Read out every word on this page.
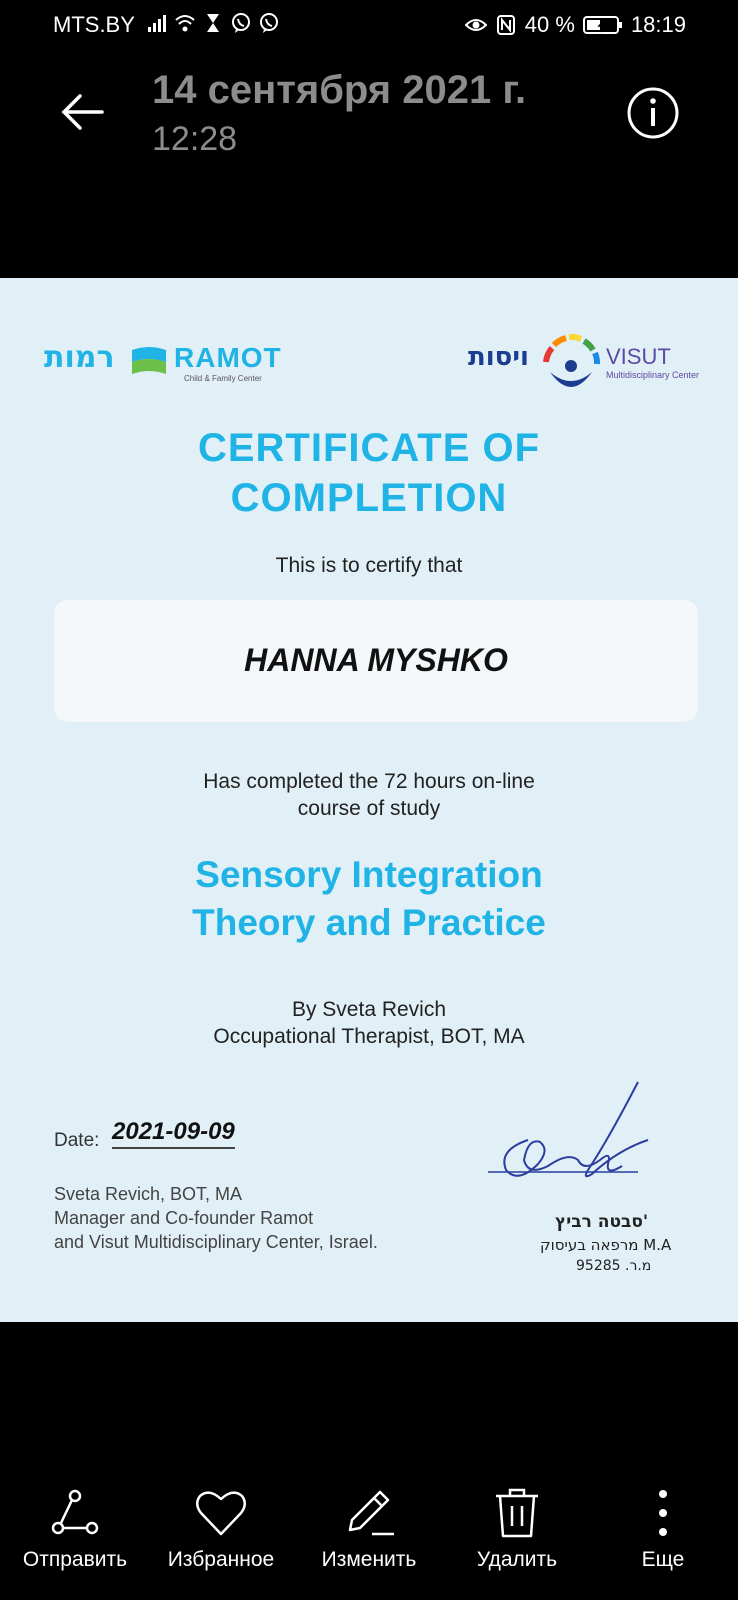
MTS.BY	40 %	18:19
14 сентября 2021 г.
12:28
רמות RAMOT
Child & Family Center
ויסות	VISUT
Multidisciplinary Center
CERTIFICATE OF
COMPLETION
This is to certify that
HANNA MYSHKO
Has completed the 72 hours on-line
course of study
Sensory Integration
Theory and Practice
By Sveta Revich
Occupational Therapist, BOT, MA
Date: 2021-09-09
Sveta Revich, BOT, MA
Manager and Co-founder Ramot
and Visut Multidisciplinary Center, Israel.
סבטה רביץ'
מרפאה בעיסוק M.A
מ.ר. 95285
Отправить	Избранное	Изменить	Удалить	Еще
